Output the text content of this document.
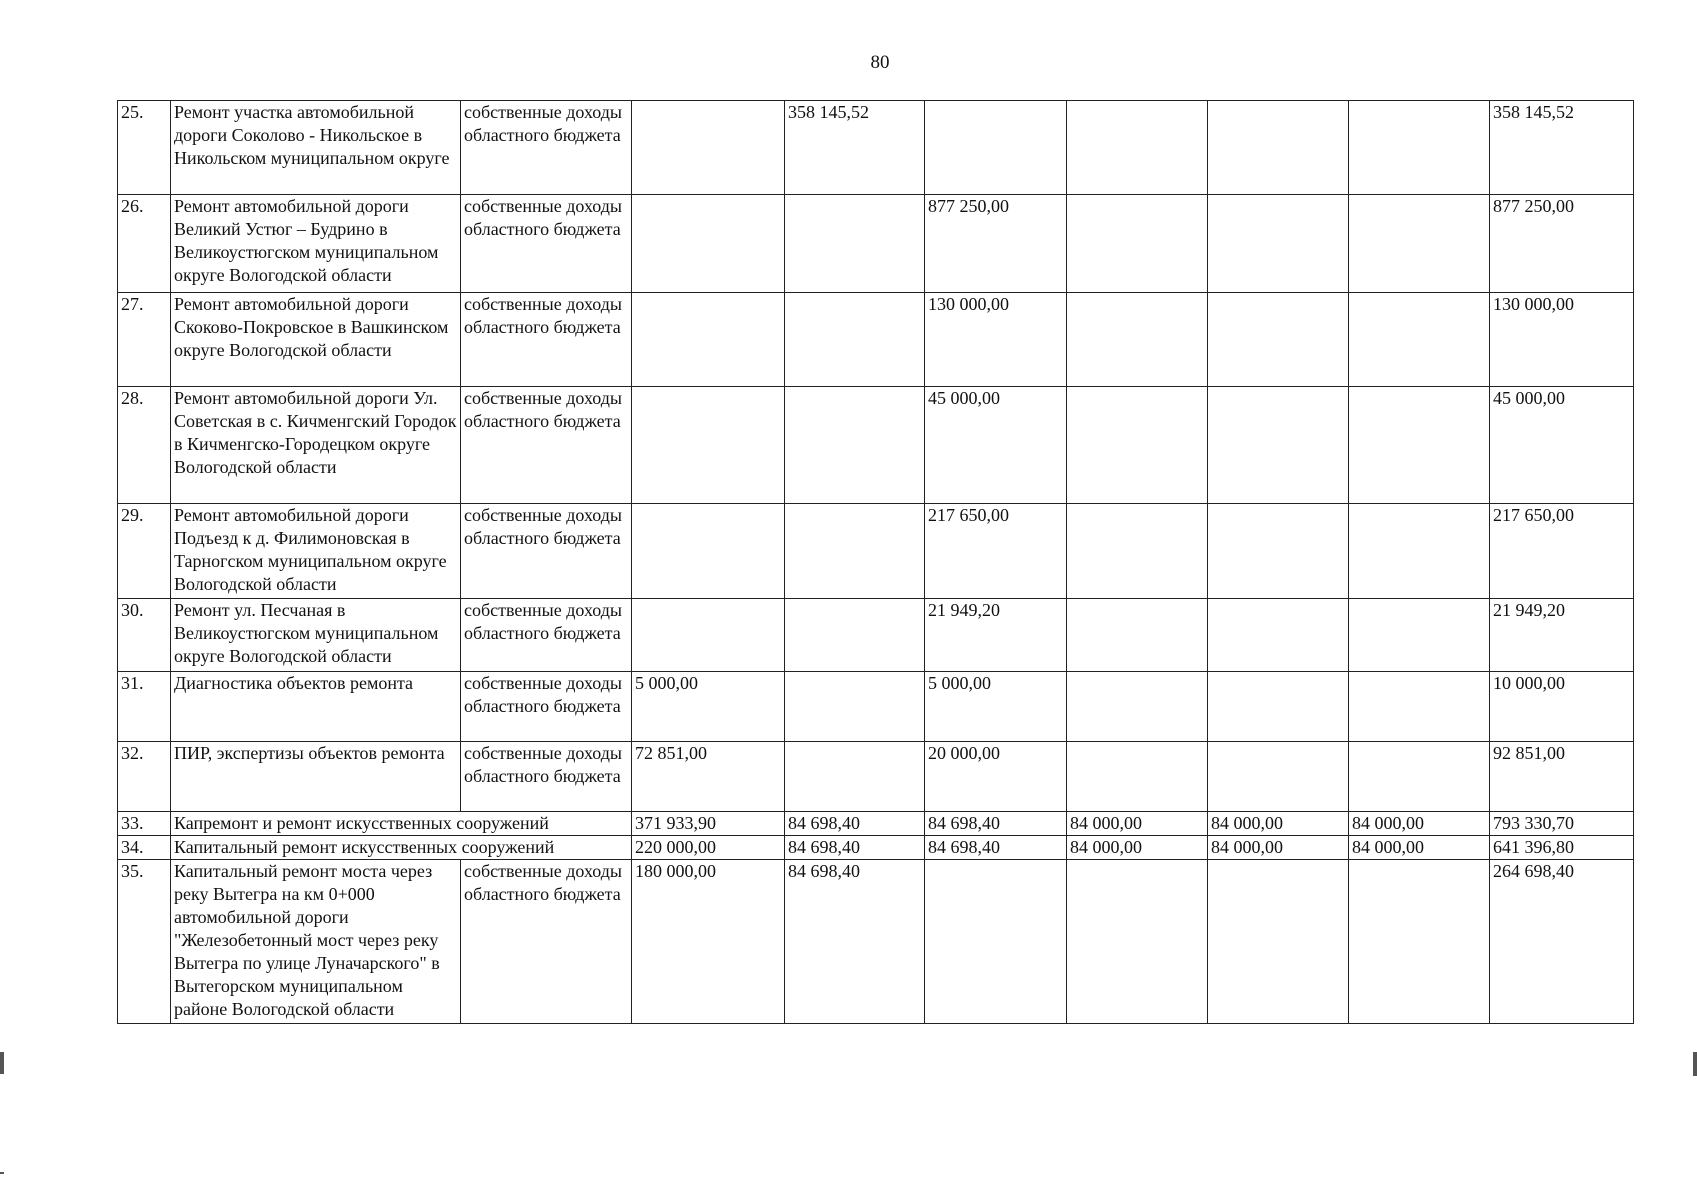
80
25.	Ремонт участка автомобильной дороги Соколово - Никольское в Никольском муниципальном округе	собственные доходы областного бюджета		358 145,52					358 145,52
26.	Ремонт автомобильной дороги Великий Устюг – Будрино в Великоустюгском муниципальном округе Вологодской области	собственные доходы областного бюджета			877 250,00				877 250,00
27.	Ремонт автомобильной дороги Скоково-Покровское в Вашкинском округе Вологодской области	собственные доходы областного бюджета			130 000,00				130 000,00
28.	Ремонт автомобильной дороги Ул. Советская в с. Кичменгский Городок в Кичменгско-Городецком округе Вологодской области	собственные доходы областного бюджета			45 000,00				45 000,00
29.	Ремонт автомобильной дороги Подъезд к д. Филимоновская в Тарногском муниципальном округе Вологодской области	собственные доходы областного бюджета			217 650,00				217 650,00
30.	Ремонт ул. Песчаная в Великоустюгском муниципальном округе Вологодской области	собственные доходы областного бюджета			21 949,20				21 949,20
31.	Диагностика объектов ремонта	собственные доходы областного бюджета	5 000,00		5 000,00				10 000,00
32.	ПИР, экспертизы объектов ремонта	собственные доходы областного бюджета	72 851,00		20 000,00				92 851,00
33.	Капремонт и ремонт искусственных сооружений		371 933,90	84 698,40	84 698,40	84 000,00	84 000,00	84 000,00	793 330,70
34.	Капитальный ремонт искусственных сооружений		220 000,00	84 698,40	84 698,40	84 000,00	84 000,00	84 000,00	641 396,80
35.	Капитальный ремонт моста через реку Вытегра на км 0+000 автомобильной дороги "Железобетонный мост через реку Вытегра по улице Луначарского" в Вытегорском муниципальном районе Вологодской области	собственные доходы областного бюджета	180 000,00	84 698,40					264 698,40
